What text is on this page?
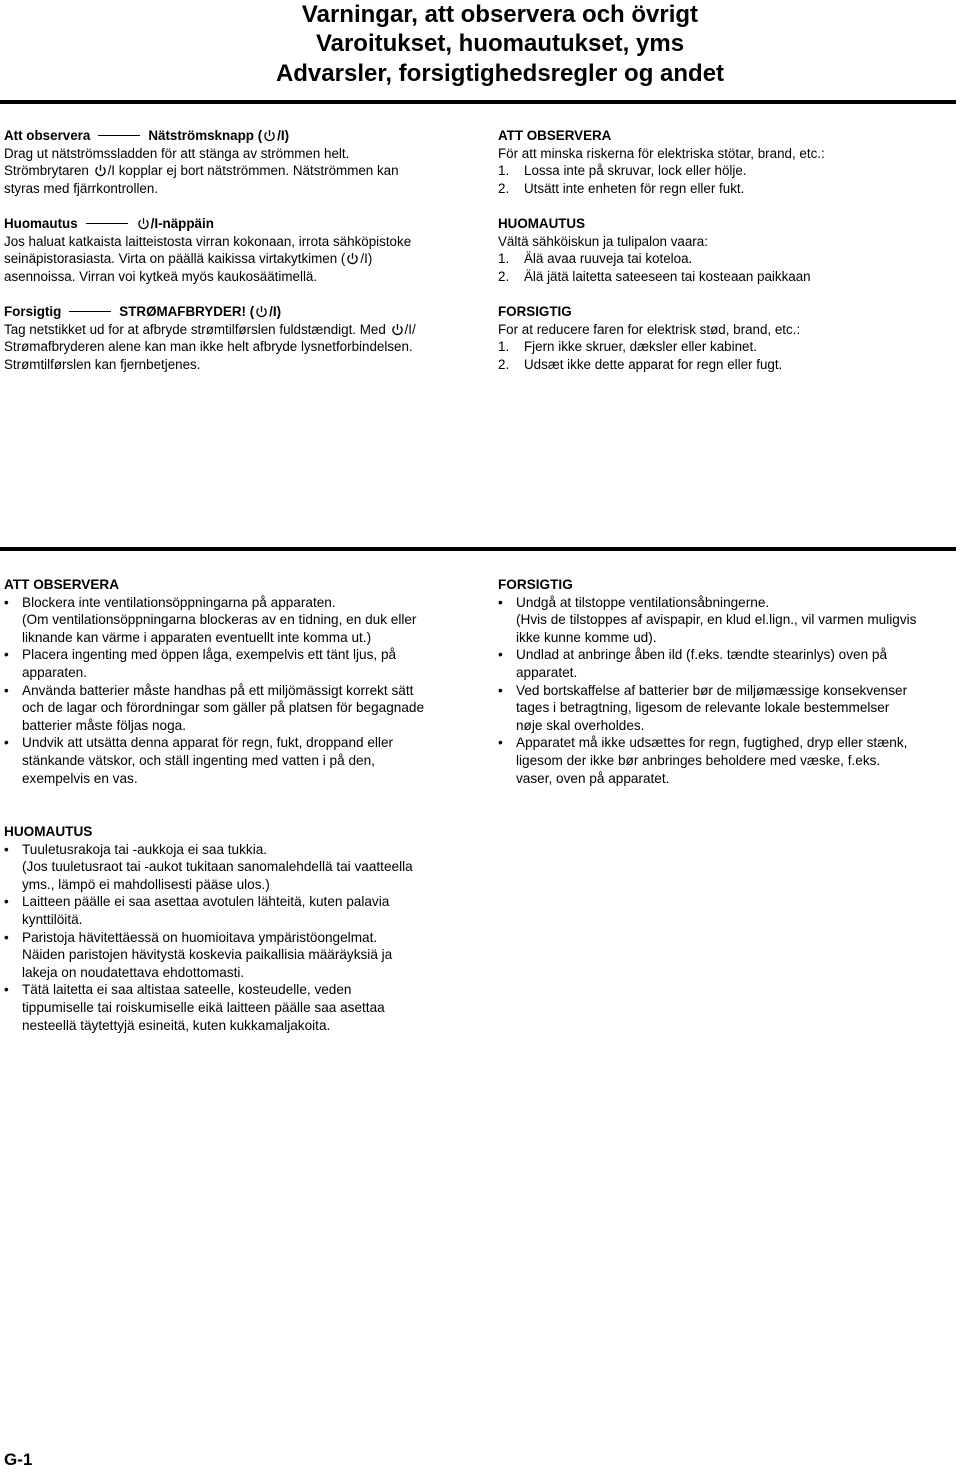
Varningar, att observera och övrigt
Varoitukset, huomautukset, yms
Advarsler, forsigtighedsregler og andet

Att observera	Nätströmsknapp ( /I)

Drag ut nätströmssladden för att stänga av strömmen helt.

Strömbrytaren
/I kopplar ej bort nätströmmen. Nätströmmen kan

styras med fjärrkontrollen.

Huomautus	/I-näppäin

Jos haluat katkaista laitteistosta virran kokonaan, irrota sähköpistoke

seinäpistorasiasta. Virta on päällä kaikissa virtakytkimen ( /I)

asennoissa. Virran voi kytkeä myös kaukosäätimellä.

Forsigtig	STRØMAFBRYDER! ( /I)

Tag netstikket ud for at afbryde strømtilførslen fuldstændigt. Med
/I/

Strømafbryderen alene kan man ikke helt afbryde lysnetforbindelsen.

Strømtilførslen kan fjernbetjenes.

ATT OBSERVERA

För att minska riskerna för elektriska stötar, brand, etc.:

1. Lossa inte på skruvar, lock eller hölje.
2. Utsätt inte enheten för regn eller fukt.

HUOMAUTUS

Vältä sähköiskun ja tulipalon vaara:

1. Älä avaa ruuveja tai koteloa.
2. Älä jätä laitetta sateeseen tai kosteaan paikkaan

FORSIGTIG

For at reducere faren for elektrisk stød, brand, etc.:

1. Fjern ikke skruer, dæksler eller kabinet.
2. Udsæt ikke dette apparat for regn eller fugt.

ATT OBSERVERA

• Blockera inte ventilationsöppningarna på apparaten.
(Om ventilationsöppningarna blockeras av en tidning, en duk eller
liknande kan värme i apparaten eventuellt inte komma ut.)
• Placera ingenting med öppen låga, exempelvis ett tänt ljus, på
apparaten.
• Använda batterier måste handhas på ett miljömässigt korrekt sätt
och de lagar och förordningar som gäller på platsen för begagnade
batterier måste följas noga.
• Undvik att utsätta denna apparat för regn, fukt, droppand eller
stänkande vätskor, och ställ ingenting med vatten i på den,
exempelvis en vas.

FORSIGTIG

• Undgå at tilstoppe ventilationsåbningerne.
(Hvis de tilstoppes af avispapir, en klud el.lign., vil varmen muligvis
ikke kunne komme ud).
• Undlad at anbringe åben ild (f.eks. tændte stearinlys) oven på
apparatet.
• Ved bortskaffelse af batterier bør de miljømæssige konsekvenser
tages i betragtning, ligesom de relevante lokale bestemmelser
nøje skal overholdes.
• Apparatet må ikke udsættes for regn, fugtighed, dryp eller stænk,
ligesom der ikke bør anbringes beholdere med væske, f.eks.
vaser, oven på apparatet.

HUOMAUTUS

• Tuuletusrakoja tai -aukkoja ei saa tukkia.
(Jos tuuletusraot tai -aukot tukitaan sanomalehdellä tai vaatteella
yms., lämpö ei mahdollisesti pääse ulos.)
• Laitteen päälle ei saa asettaa avotulen lähteitä, kuten palavia
kynttilöitä.
• Paristoja hävitettäessä on huomioitava ympäristöongelmat.
Näiden paristojen hävitystä koskevia paikallisia määräyksiä ja
lakeja on noudatettava ehdottomasti.
• Tätä laitetta ei saa altistaa sateelle, kosteudelle, veden
tippumiselle tai roiskumiselle eikä laitteen päälle saa asettaa
nesteellä täytettyjä esineitä, kuten kukkamaljakoita.
G-1
